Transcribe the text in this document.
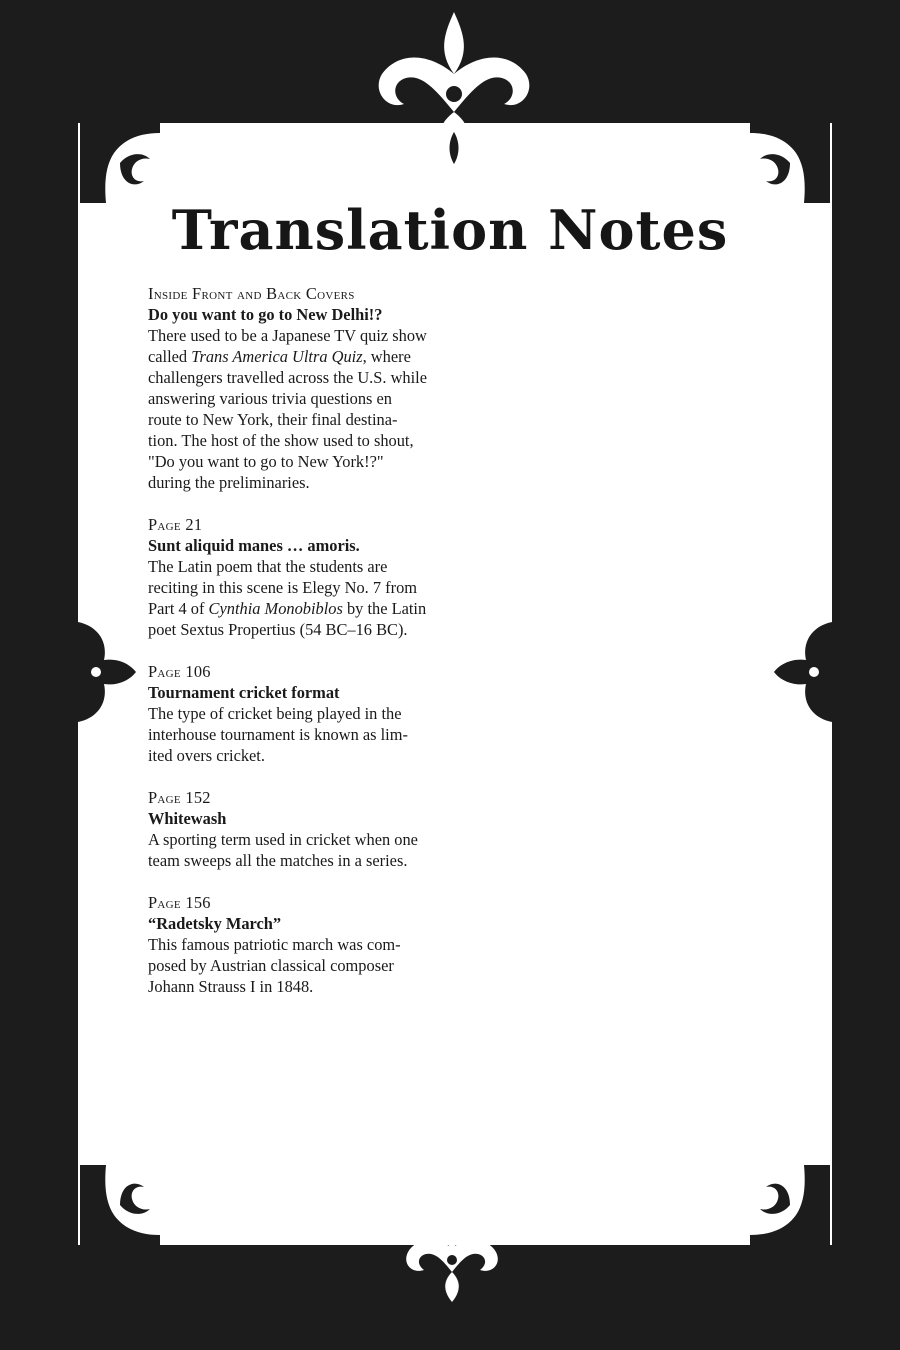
Translation Notes
Inside Front and Back Covers
Do you want to go to New Delhi!?
There used to be a Japanese TV quiz show
called Trans America Ultra Quiz, where
challengers travelled across the U.S. while
answering various trivia questions en
route to New York, their final destina-
tion. The host of the show used to shout,
"Do you want to go to New York!?"
during the preliminaries.
Page 21
Sunt aliquid manes … amoris.
The Latin poem that the students are
reciting in this scene is Elegy No. 7 from
Part 4 of Cynthia Monobiblos by the Latin
poet Sextus Propertius (54 BC–16 BC).
Page 106
Tournament cricket format
The type of cricket being played in the
interhouse tournament is known as lim-
ited overs cricket.
Page 152
Whitewash
A sporting term used in cricket when one
team sweeps all the matches in a series.
Page 156
“Radetsky March”
This famous patriotic march was com-
posed by Austrian classical composer
Johann Strauss I in 1848.
